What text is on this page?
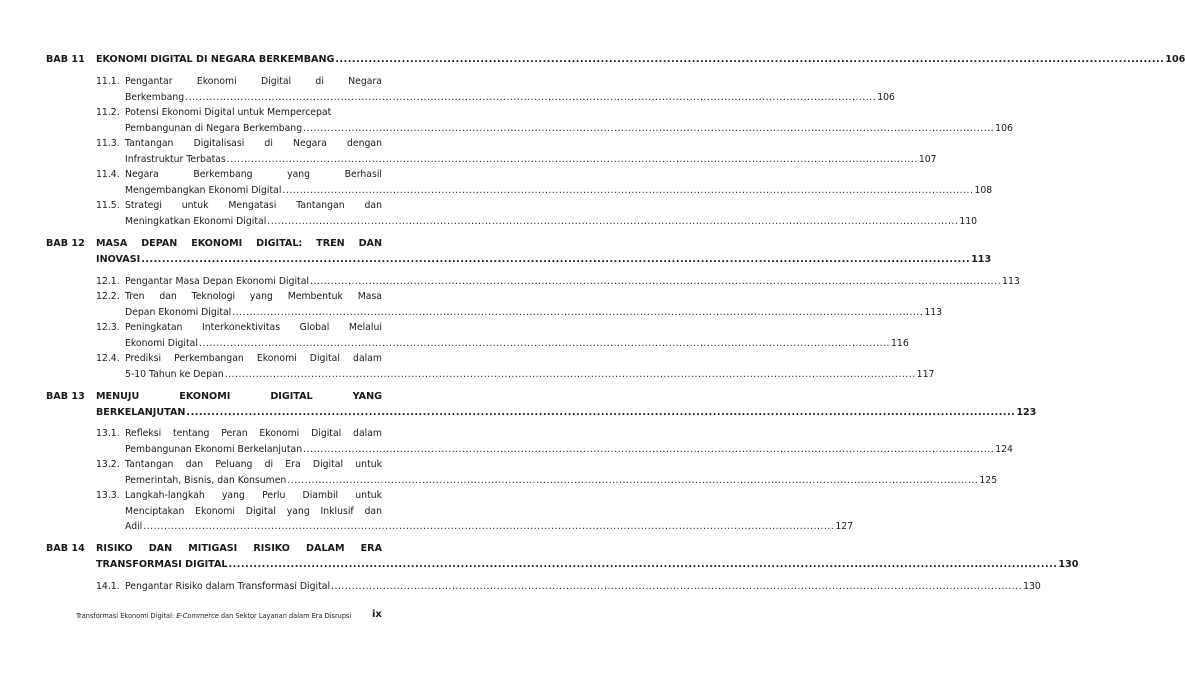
BAB 11 EKONOMI DIGITAL DI NEGARA BERKEMBANG ........................................................................................................................................................................................................ 106
11.1. Pengantar Ekonomi Digital di Negara
Berkembang ........................................................................................................................................................................................................ 106
11.2. Potensi Ekonomi Digital untuk Mempercepat
Pembangunan di Negara Berkembang ........................................................................................................................................................................................................ 106
11.3. Tantangan Digitalisasi di Negara dengan
Infrastruktur Terbatas ........................................................................................................................................................................................................ 107
11.4. Negara Berkembang yang Berhasil
Mengembangkan Ekonomi Digital ........................................................................................................................................................................................................ 108
11.5. Strategi untuk Mengatasi Tantangan dan
Meningkatkan Ekonomi Digital ........................................................................................................................................................................................................ 110
BAB 12 MASA DEPAN EKONOMI DIGITAL: TREN DAN
INOVASI ........................................................................................................................................................................................................ 113
12.1. Pengantar Masa Depan Ekonomi Digital ........................................................................................................................................................................................................ 113
12.2. Tren dan Teknologi yang Membentuk Masa
Depan Ekonomi Digital ........................................................................................................................................................................................................ 113
12.3. Peningkatan Interkonektivitas Global Melalui
Ekonomi Digital ........................................................................................................................................................................................................ 116
12.4. Prediksi Perkembangan Ekonomi Digital dalam
5-10 Tahun ke Depan ........................................................................................................................................................................................................ 117
BAB 13 MENUJU EKONOMI DIGITAL YANG
BERKELANJUTAN ........................................................................................................................................................................................................ 123
13.1. Refleksi tentang Peran Ekonomi Digital dalam
Pembangunan Ekonomi Berkelanjutan ........................................................................................................................................................................................................ 124
13.2. Tantangan dan Peluang di Era Digital untuk
Pemerintah, Bisnis, dan Konsumen ........................................................................................................................................................................................................ 125
13.3. Langkah-langkah yang Perlu Diambil untuk
Menciptakan Ekonomi Digital yang Inklusif dan
Adil ........................................................................................................................................................................................................ 127
BAB 14 RISIKO DAN MITIGASI RISIKO DALAM ERA
TRANSFORMASI DIGITAL ........................................................................................................................................................................................................ 130
14.1. Pengantar Risiko dalam Transformasi Digital ........................................................................................................................................................................................................ 130
Transformasi Ekonomi Digital: E-Commerce dan Sektor Layanan dalam Era Disrupsi ix
